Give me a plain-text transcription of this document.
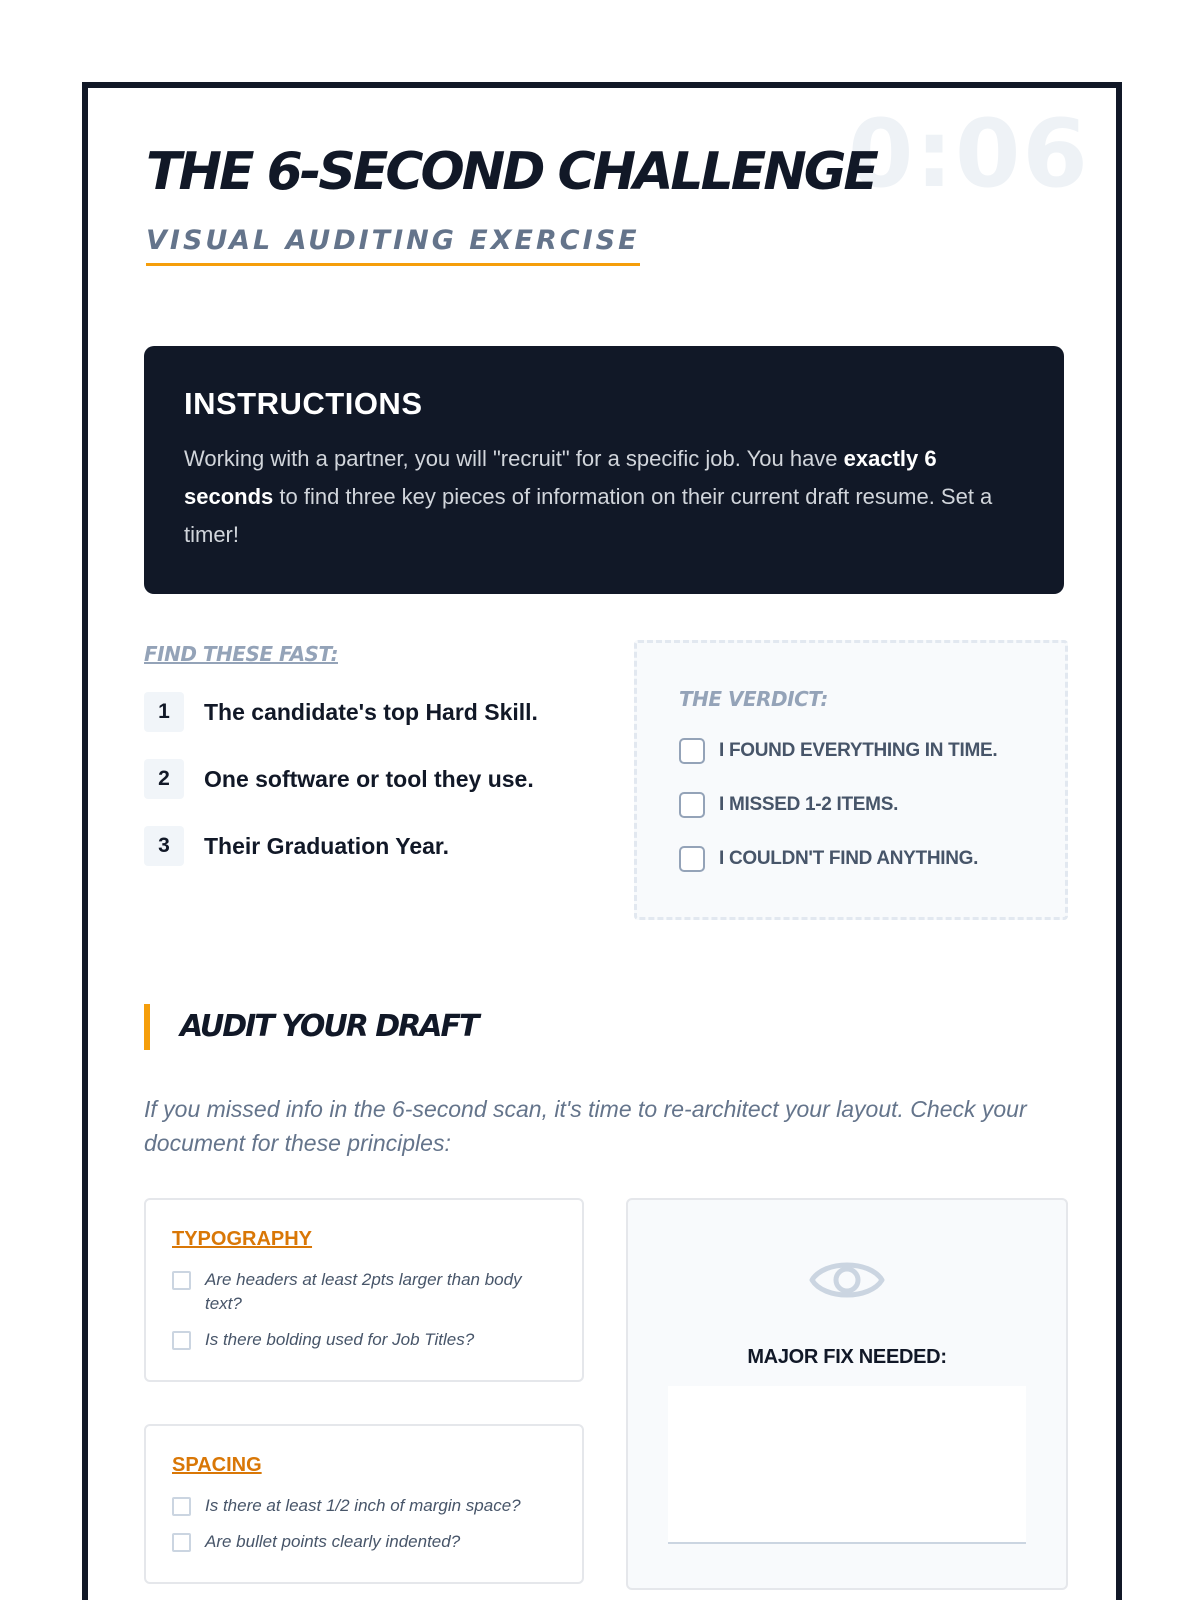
0:06
THE 6-SECOND CHALLENGE
VISUAL AUDITING EXERCISE
INSTRUCTIONS

Working with a partner, you will "recruit" for a specific job. You have exactly 6 seconds to find three key pieces of information on their current draft resume. Set a timer!

FIND THESE FAST:
1	The candidate's top Hard Skill.
2	One software or tool they use.
3	Their Graduation Year.
THE VERDICT:
I FOUND EVERYTHING IN TIME.
I MISSED 1-2 ITEMS.
I COULDN'T FIND ANYTHING.
AUDIT YOUR DRAFT

If you missed info in the 6-second scan, it's time to re-architect your layout. Check your document for these principles:

TYPOGRAPHY
Are headers at least 2pts larger than body text?
Is there bolding used for Job Titles?
SPACING
Is there at least 1/2 inch of margin space?
Are bullet points clearly indented?
MAJOR FIX NEEDED:
